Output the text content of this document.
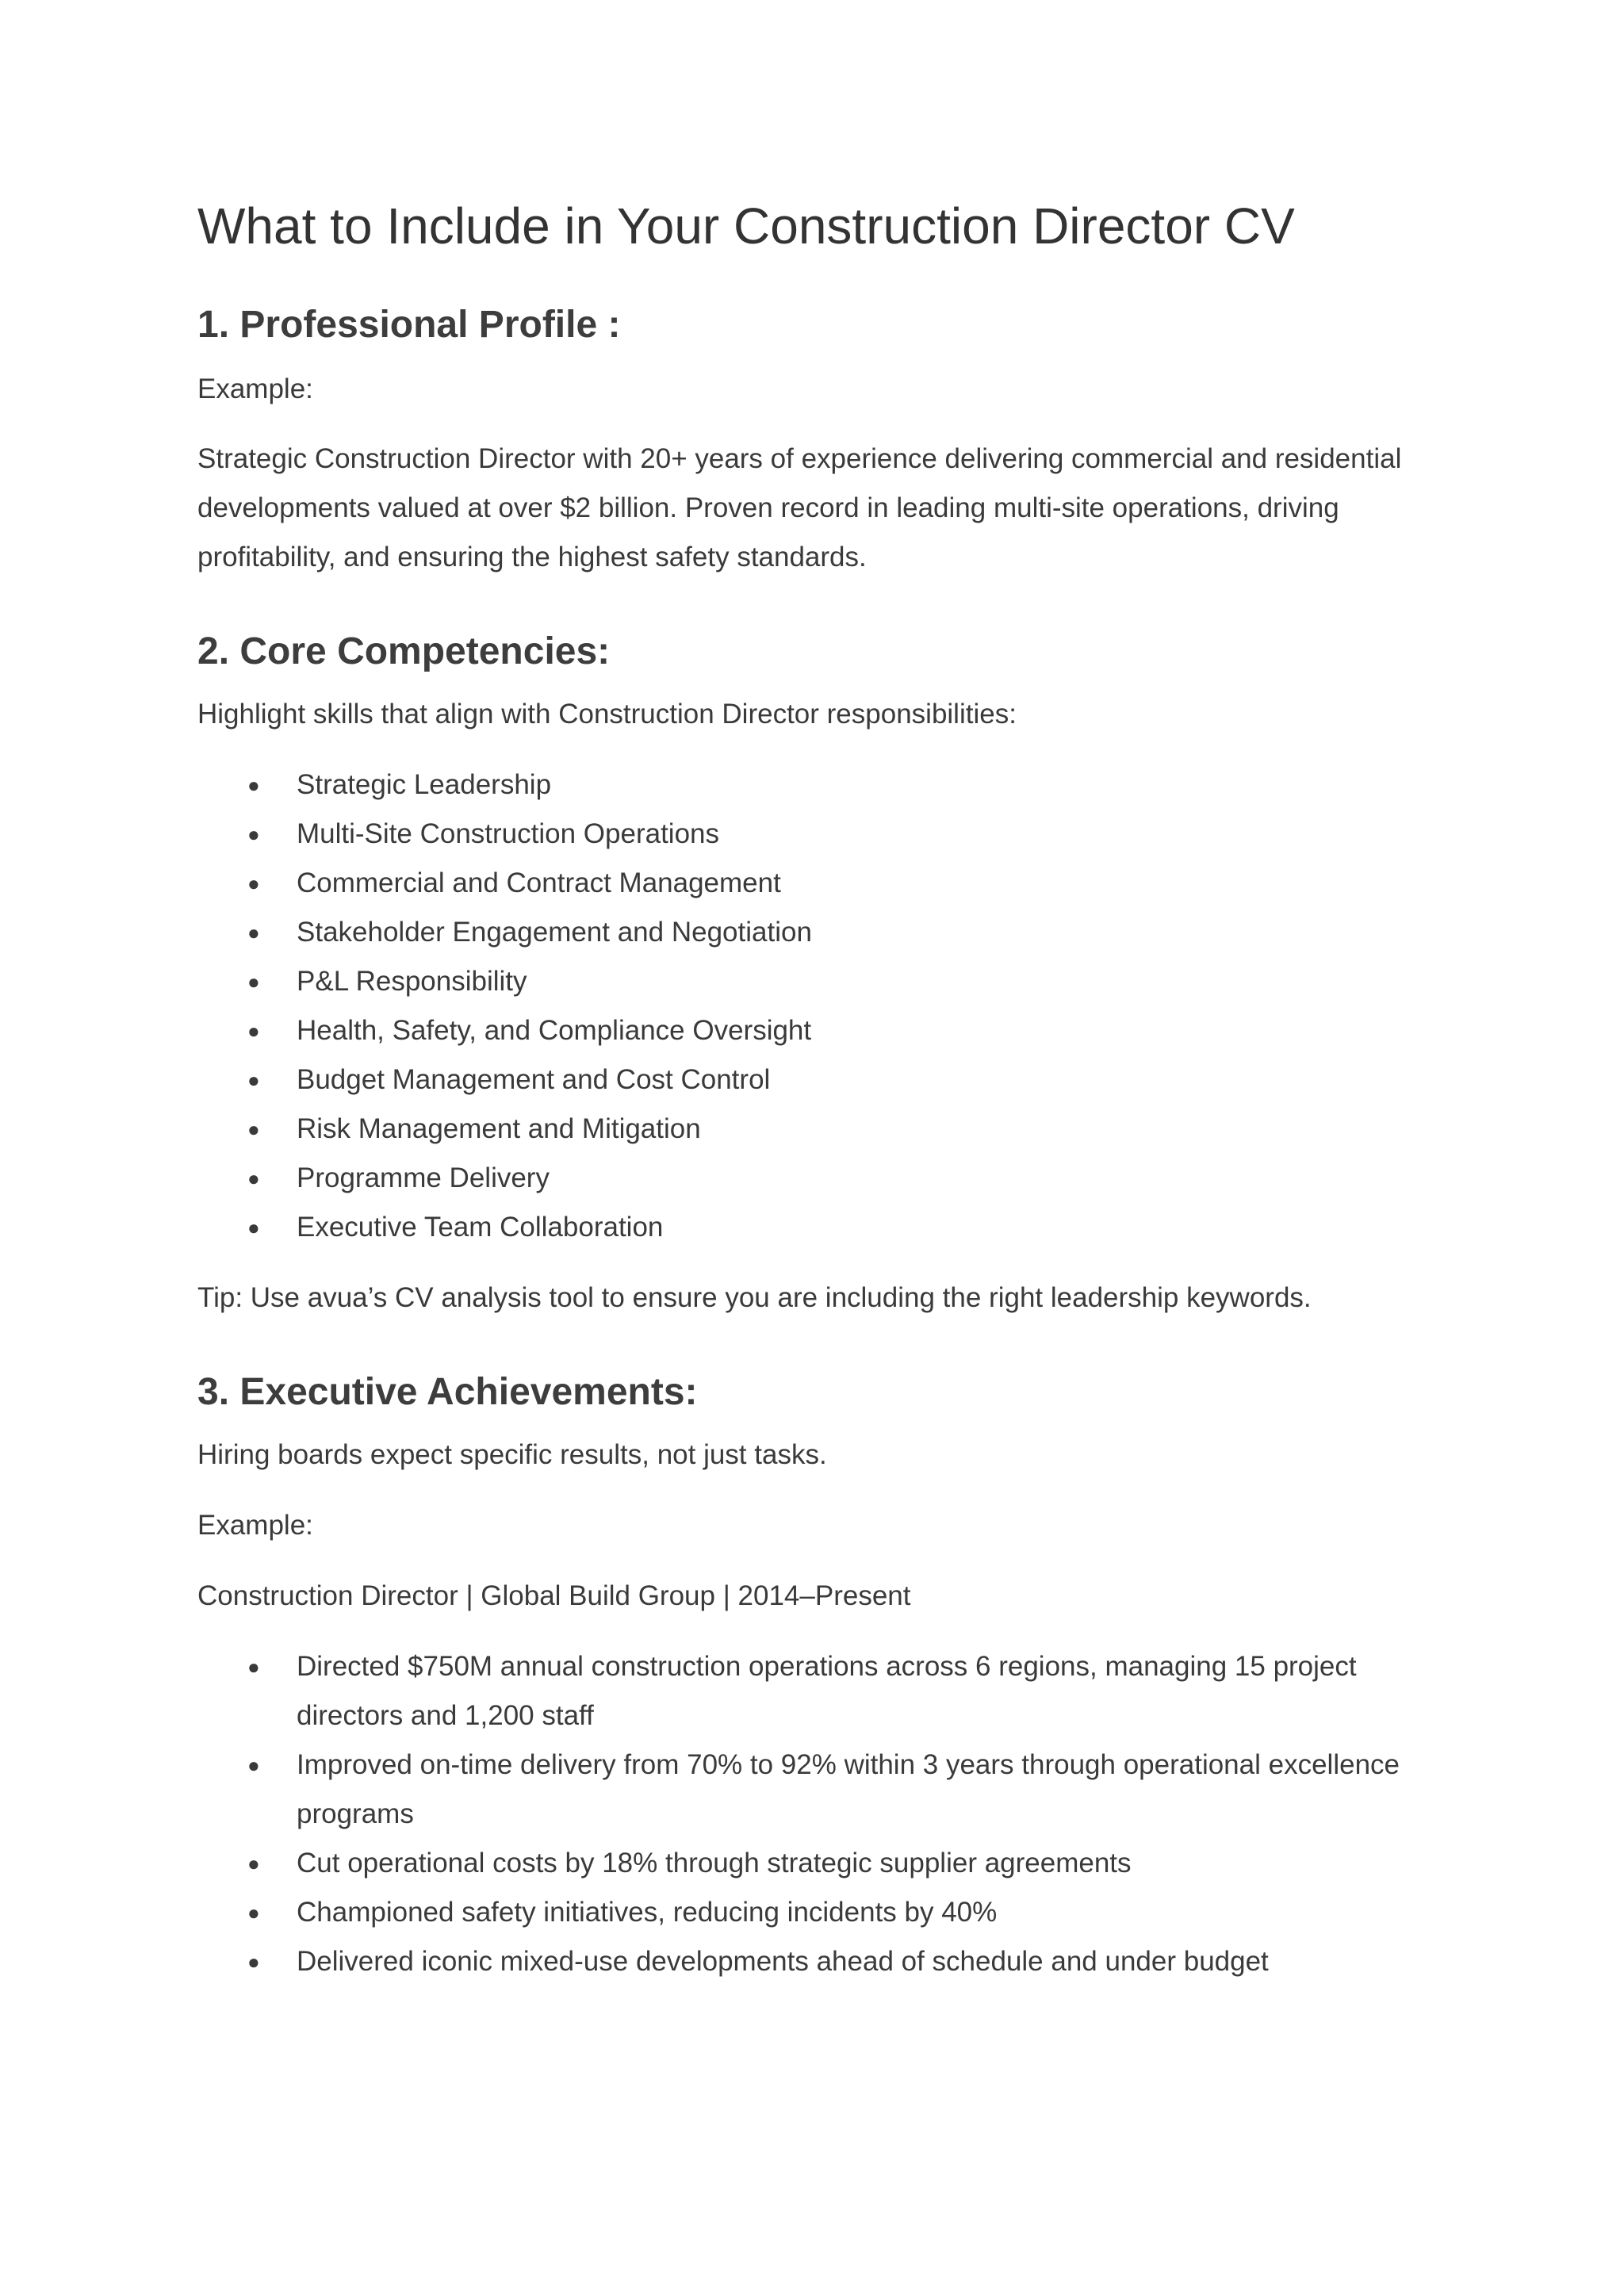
What to Include in Your Construction Director CV
1. Professional Profile :

Example:

Strategic Construction Director with 20+ years of experience delivering commercial and residential developments valued at over $2 billion. Proven record in leading multi-site operations, driving profitability, and ensuring the highest safety standards.

2. Core Competencies:

Highlight skills that align with Construction Director responsibilities:

● Strategic Leadership
● Multi-Site Construction Operations
● Commercial and Contract Management
● Stakeholder Engagement and Negotiation
● P&L Responsibility
● Health, Safety, and Compliance Oversight
● Budget Management and Cost Control
● Risk Management and Mitigation
● Programme Delivery
● Executive Team Collaboration

Tip: Use avua’s CV analysis tool to ensure you are including the right leadership keywords.

3. Executive Achievements:

Hiring boards expect specific results, not just tasks.

Example:

Construction Director | Global Build Group | 2014–Present

● Directed $750M annual construction operations across 6 regions, managing 15 project directors and 1,200 staff
● Improved on-time delivery from 70% to 92% within 3 years through operational excellence programs
● Cut operational costs by 18% through strategic supplier agreements
● Championed safety initiatives, reducing incidents by 40%
● Delivered iconic mixed-use developments ahead of schedule and under budget
